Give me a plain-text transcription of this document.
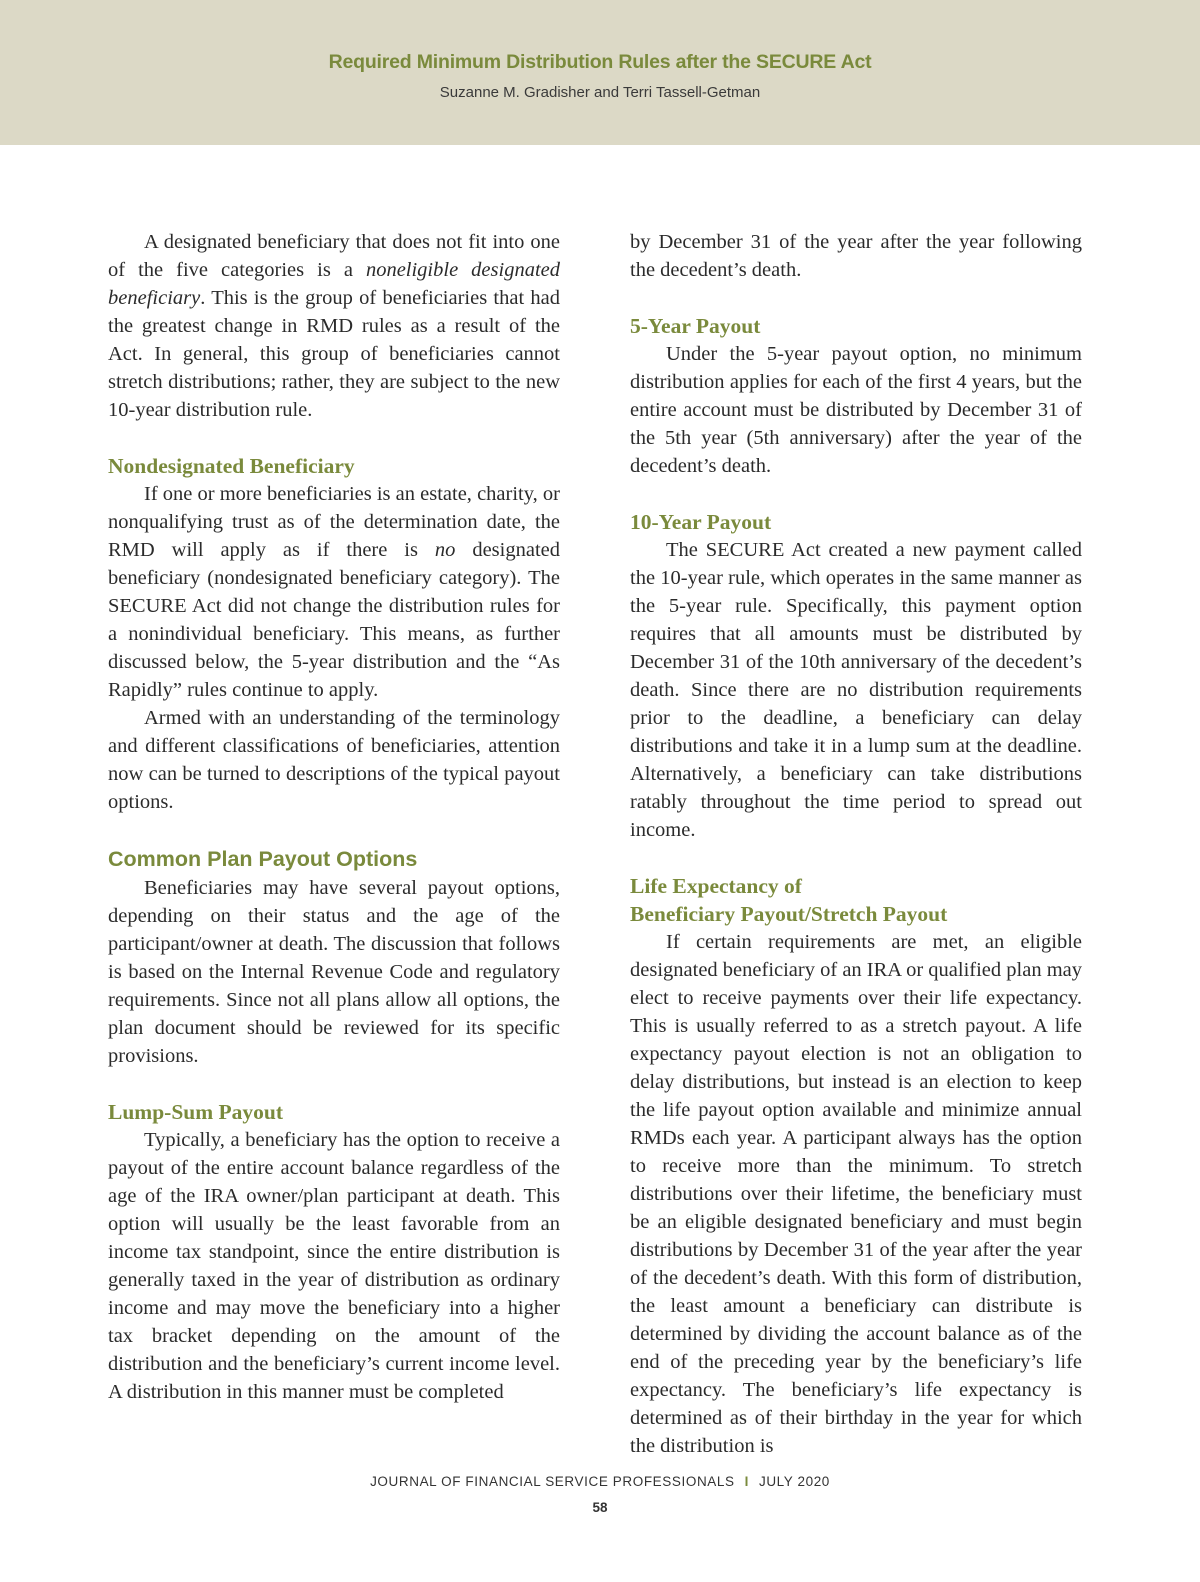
Required Minimum Distribution Rules after the SECURE Act
Suzanne M. Gradisher and Terri Tassell-Getman

A designated beneficiary that does not fit into one of the five categories is a noneligible designated beneficiary. This is the group of beneficiaries that had the greatest change in RMD rules as a result of the Act. In general, this group of beneficiaries cannot stretch distributions; rather, they are subject to the new 10-year distribution rule.

Nondesignated Beneficiary

If one or more beneficiaries is an estate, charity, or nonqualifying trust as of the determination date, the RMD will apply as if there is no designated beneficiary (nondesignated beneficiary category). The SECURE Act did not change the distribution rules for a nonindividual beneficiary. This means, as further discussed below, the 5-year distribution and the “As Rapidly” rules continue to apply.

Armed with an understanding of the terminology and different classifications of beneficiaries, attention now can be turned to descriptions of the typical payout options.

Common Plan Payout Options

Beneficiaries may have several payout options, depending on their status and the age of the participant/owner at death. The discussion that follows is based on the Internal Revenue Code and regulatory requirements. Since not all plans allow all options, the plan document should be reviewed for its specific provisions.

Lump-Sum Payout

Typically, a beneficiary has the option to receive a payout of the entire account balance regardless of the age of the IRA owner/plan participant at death. This option will usually be the least favorable from an income tax standpoint, since the entire distribution is generally taxed in the year of distribution as ordinary income and may move the beneficiary into a higher tax bracket depending on the amount of the distribution and the beneficiary’s current income level. A distribution in this manner must be completed

by December 31 of the year after the year following the decedent’s death.

5-Year Payout

Under the 5-year payout option, no minimum distribution applies for each of the first 4 years, but the entire account must be distributed by December 31 of the 5th year (5th anniversary) after the year of the decedent’s death.

10-Year Payout

The SECURE Act created a new payment called the 10-year rule, which operates in the same manner as the 5-year rule. Specifically, this payment option requires that all amounts must be distributed by December 31 of the 10th anniversary of the decedent’s death. Since there are no distribution requirements prior to the deadline, a beneficiary can delay distributions and take it in a lump sum at the deadline. Alternatively, a beneficiary can take distributions ratably throughout the time period to spread out income.

Life Expectancy of
Beneficiary Payout/Stretch Payout

If certain requirements are met, an eligible designated beneficiary of an IRA or qualified plan may elect to receive payments over their life expectancy. This is usually referred to as a stretch payout. A life expectancy payout election is not an obligation to delay distributions, but instead is an election to keep the life payout option available and minimize annual RMDs each year. A participant always has the option to receive more than the minimum. To stretch distributions over their lifetime, the beneficiary must be an eligible designated beneficiary and must begin distributions by December 31 of the year after the year of the decedent’s death. With this form of distribution, the least amount a beneficiary can distribute is determined by dividing the account balance as of the end of the preceding year by the beneficiary’s life expectancy. The beneficiary’s life expectancy is determined as of their birthday in the year for which the distribution is

JOURNAL OF FINANCIAL SERVICE PROFESSIONALS I JULY 2020
58
